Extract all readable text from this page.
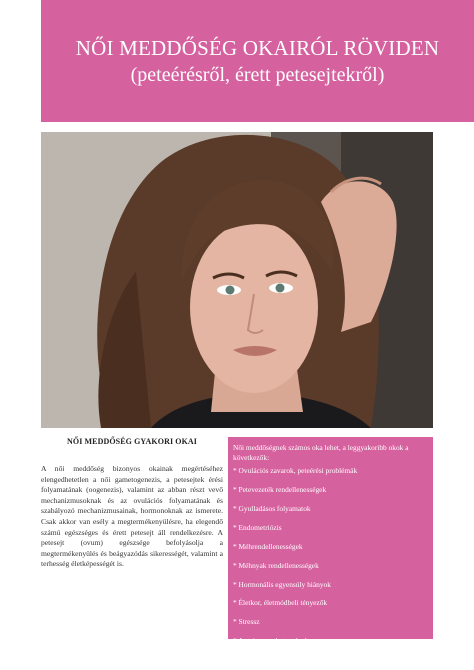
NŐI MEDDŐSÉG OKAIRÓL RÖVIDEN
(peteérésről, érett petesejtekről)
NŐI MEDDŐSÉG GYAKORI OKAI
A női meddőség bizonyos okainak megértéséhez elengedhetetlen a női gametogenezis, a petesejtek érési folyamatának (oogenezis), valamint az abban részt vevő mechanizmusoknak és az ovulációs folyamatának és szabályozó mechanizmusainak, hormonoknak az ismerete. Csak akkor van esély a megtermékenyülésre, ha elegendő számú egészséges és érett petesejt áll rendelkezésre. A petesejt (ovum) egészsége befolyásolja a megtermékenyülés és beágyazódás sikerességét, valamint a terhesség életképességét is.
Női meddőségnek számos oka lehet, a leggyakoribb okok a következők:
* Ovulációs zavarok, peteérési problémák
* Petevezeték rendellenességek
* Gyulladásos folyamatok
* Endometriózis
* Méhrendellenességek
* Méhnyak rendellenességek
* Hormonális egyensúly hiányok
* Életkor, életmódbeli tényezők
* Stressz
* Autoimmun betegségek
